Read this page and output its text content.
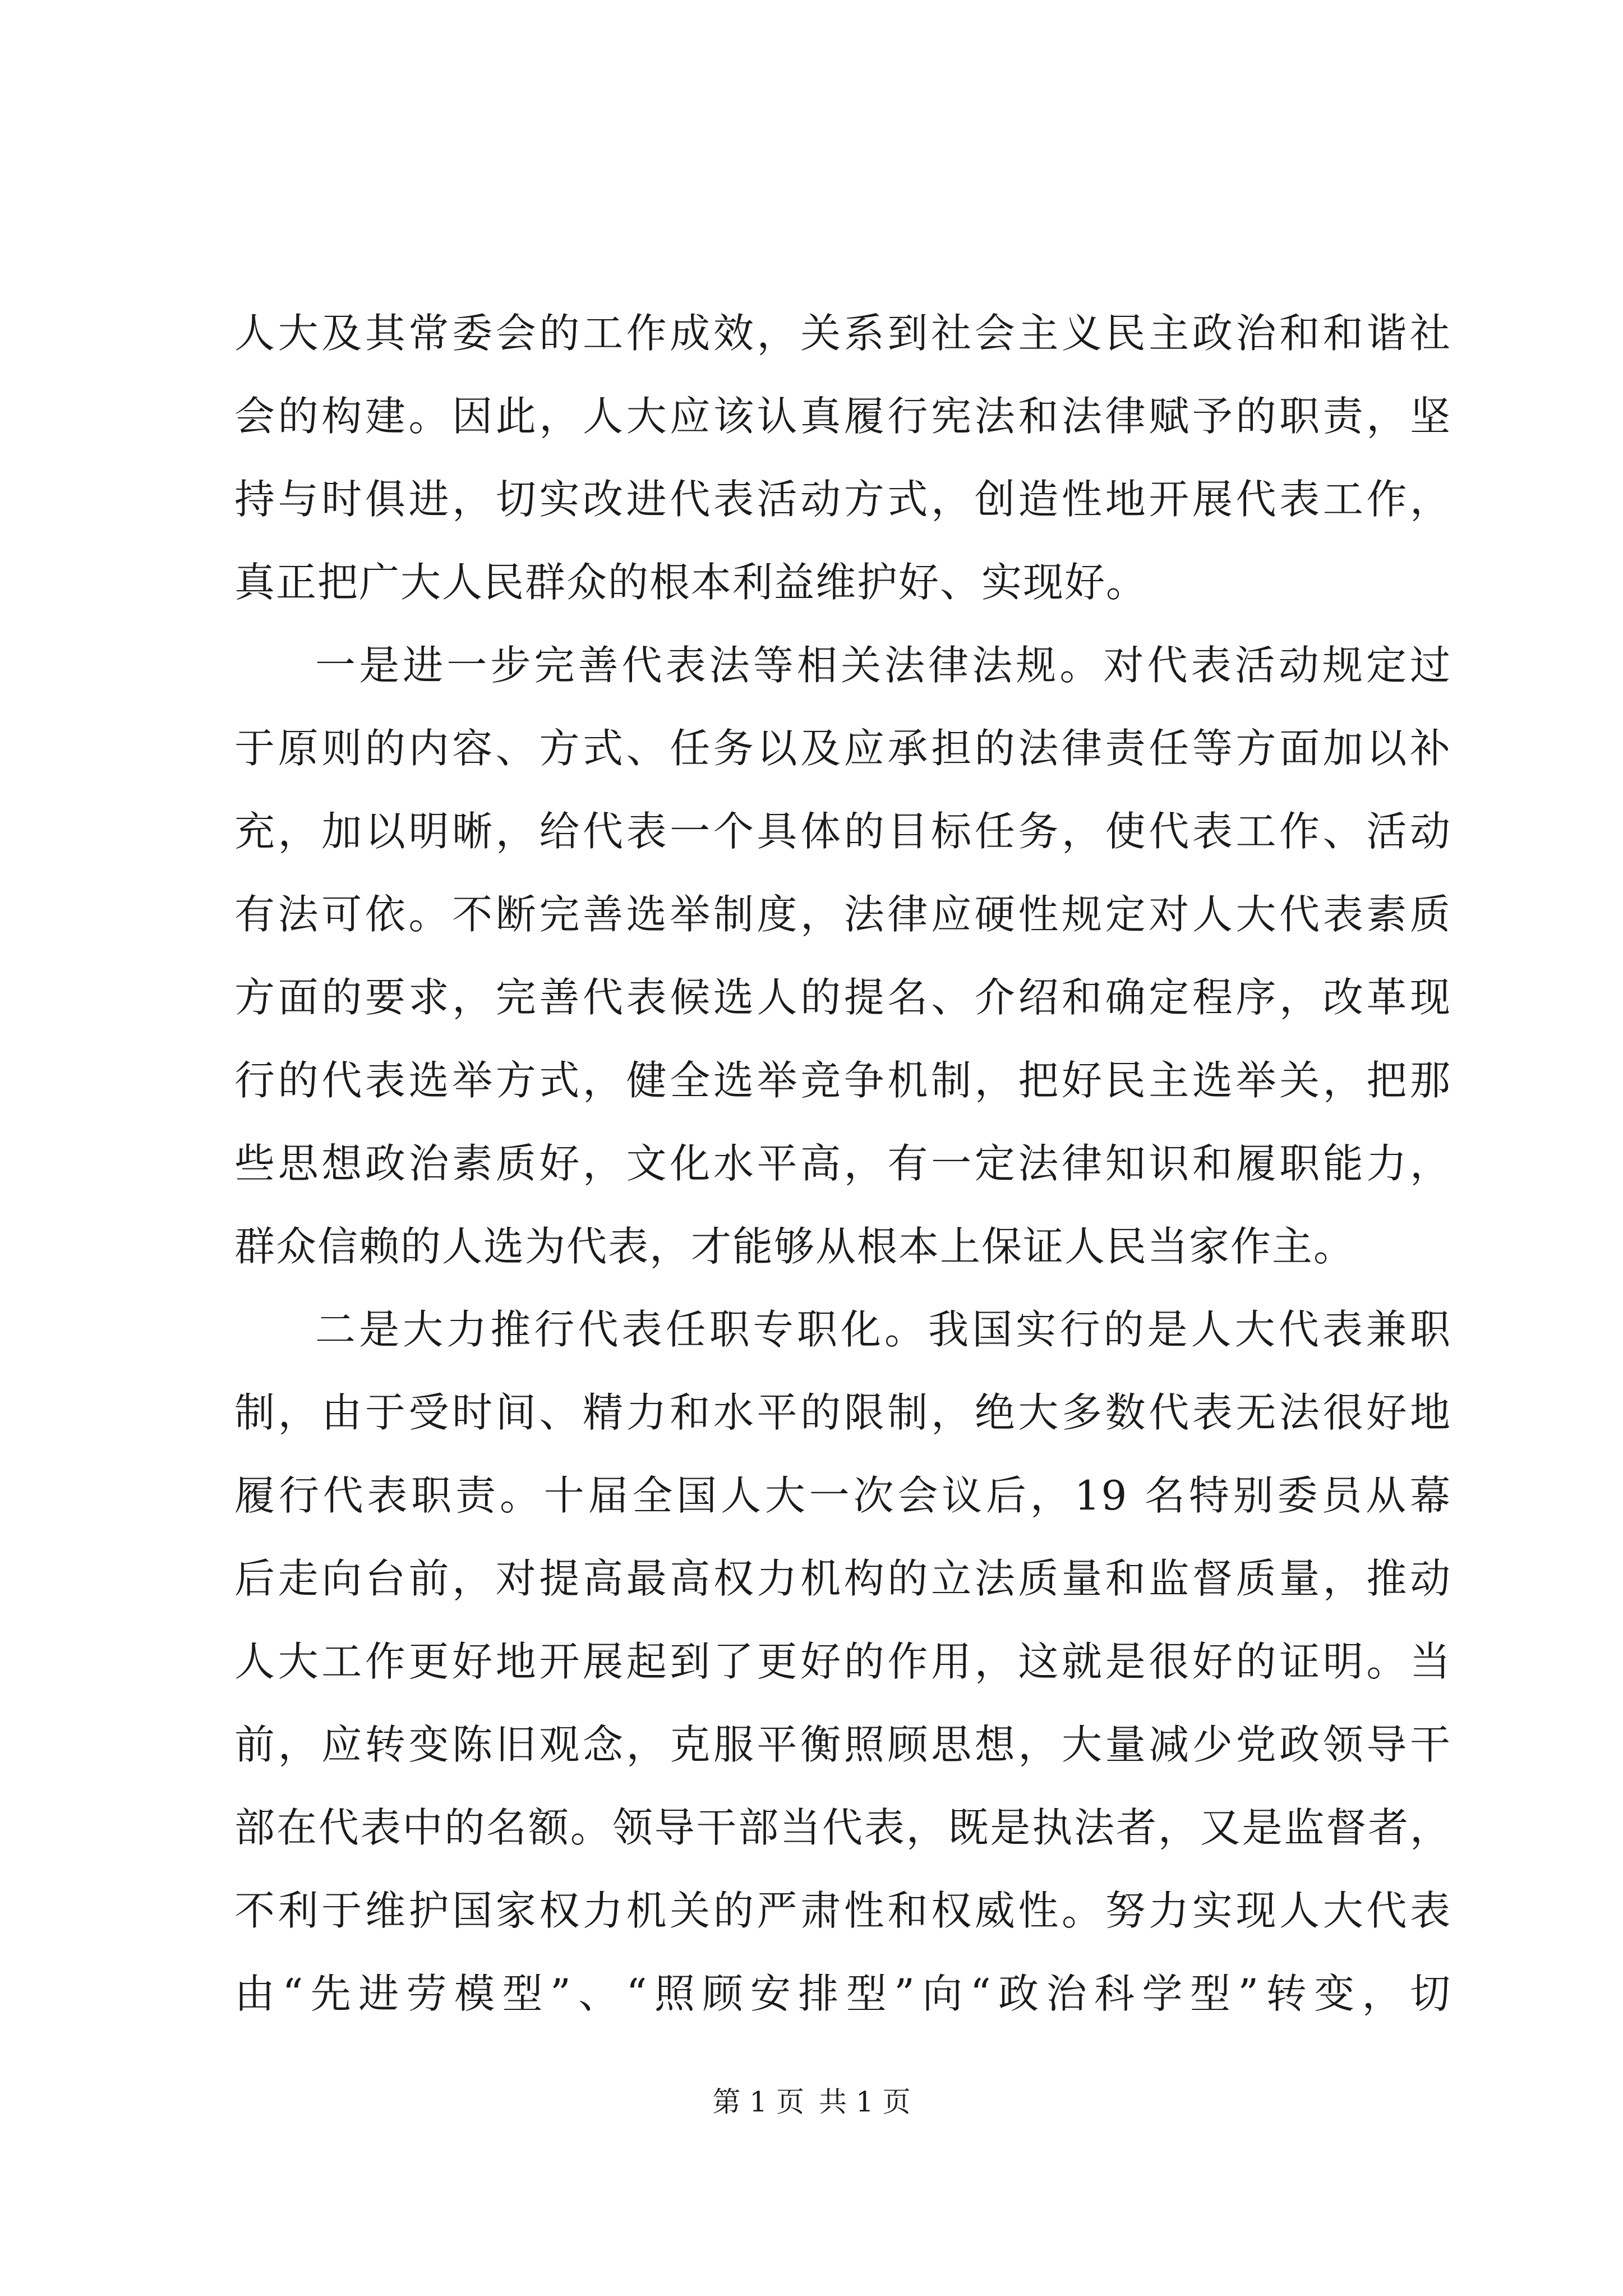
人大及其常委会的工作成效，关系到社会主义民主政治和和谐社
会的构建。因此，人大应该认真履行宪法和法律赋予的职责，坚
持与时俱进，切实改进代表活动方式，创造性地开展代表工作，
真正把广大人民群众的根本利益维护好、实现好。
一是进一步完善代表法等相关法律法规。对代表活动规定过
于原则的内容、方式、任务以及应承担的法律责任等方面加以补
充，加以明晰，给代表一个具体的目标任务，使代表工作、活动
有法可依。不断完善选举制度，法律应硬性规定对人大代表素质
方面的要求，完善代表候选人的提名、介绍和确定程序，改革现
行的代表选举方式，健全选举竞争机制，把好民主选举关，把那
些思想政治素质好，文化水平高，有一定法律知识和履职能力，
群众信赖的人选为代表，才能够从根本上保证人民当家作主。
二是大力推行代表任职专职化。我国实行的是人大代表兼职
制，由于受时间、精力和水平的限制，绝大多数代表无法很好地
履行代表职责。十届全国人大一次会议后，19 名特别委员从幕
后走向台前，对提高最高权力机构的立法质量和监督质量，推动
人大工作更好地开展起到了更好的作用，这就是很好的证明。当
前，应转变陈旧观念，克服平衡照顾思想，大量减少党政领导干
部在代表中的名额。领导干部当代表，既是执法者，又是监督者，
不利于维护国家权力机关的严肃性和权威性。努力实现人大代表
由“先进劳模型”、“照顾安排型”向“政治科学型”转变，切
第 1 页 共 1 页
